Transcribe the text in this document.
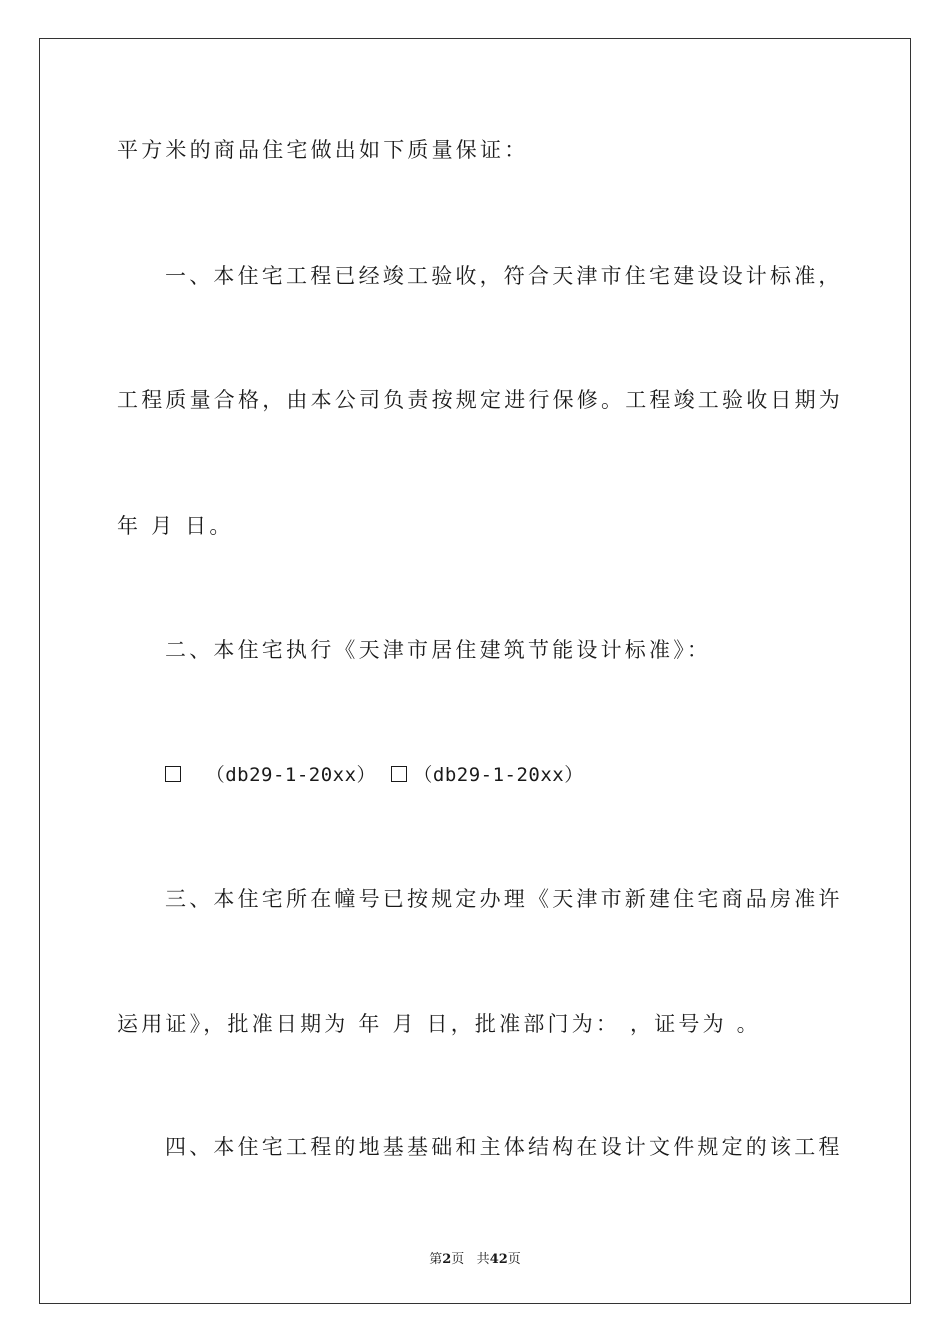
平方米的商品住宅做出如下质量保证：
一、本住宅工程已经竣工验收，符合天津市住宅建设设计标准，
工程质量合格，由本公司负责按规定进行保修。工程竣工验收日期为
年 月 日。
二、本住宅执行《天津市居住建筑节能设计标准》：
（db29-1-20xx） （db29-1-20xx）
三、本住宅所在幢号已按规定办理《天津市新建住宅商品房准许
运用证》，批准日期为 年 月 日，批准部门为： ，证号为 。
四、本住宅工程的地基基础和主体结构在设计文件规定的该工程
第2页 共42页
